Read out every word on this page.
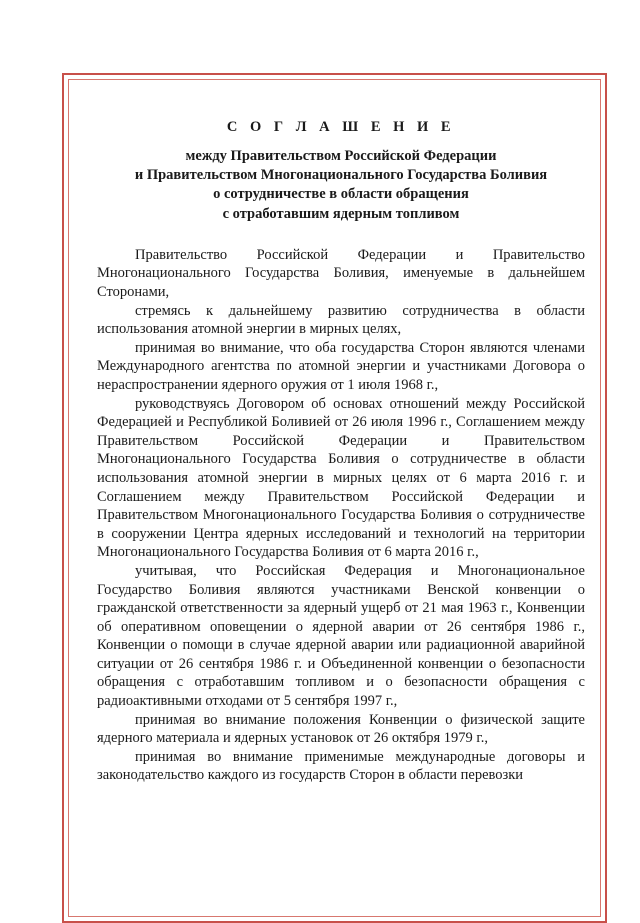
С О Г Л А Ш Е Н И Е
между Правительством Российской Федерации
и Правительством Многонационального Государства Боливия
о сотрудничестве в области обращения
с отработавшим ядерным топливом

Правительство Российской Федерации и Правительство Многонационального Государства Боливия, именуемые в дальнейшем Сторонами,

стремясь к дальнейшему развитию сотрудничества в области использования атомной энергии в мирных целях,

принимая во внимание, что оба государства Сторон являются членами Международного агентства по атомной энергии и участниками Договора о нераспространении ядерного оружия от 1 июля 1968 г.,

руководствуясь Договором об основах отношений между Российской Федерацией и Республикой Боливией от 26 июля 1996 г., Соглашением между Правительством Российской Федерации и Правительством Многонационального Государства Боливия о сотрудничестве в области использования атомной энергии в мирных целях от 6 марта 2016 г. и Соглашением между Правительством Российской Федерации и Правительством Многонационального Государства Боливия о сотрудничестве в сооружении Центра ядерных исследований и технологий на территории Многонационального Государства Боливия от 6 марта 2016 г.,

учитывая, что Российская Федерация и Многонациональное Государство Боливия являются участниками Венской конвенции о гражданской ответственности за ядерный ущерб от 21 мая 1963 г., Конвенции об оперативном оповещении о ядерной аварии от 26 сентября 1986 г., Конвенции о помощи в случае ядерной аварии или радиационной аварийной ситуации от 26 сентября 1986 г. и Объединенной конвенции о безопасности обращения с отработавшим топливом и о безопасности обращения с радиоактивными отходами от 5 сентября 1997 г.,

принимая во внимание положения Конвенции о физической защите ядерного материала и ядерных установок от 26 октября 1979 г.,

принимая во внимание применимые международные договоры и законодательство каждого из государств Сторон в области перевозки
